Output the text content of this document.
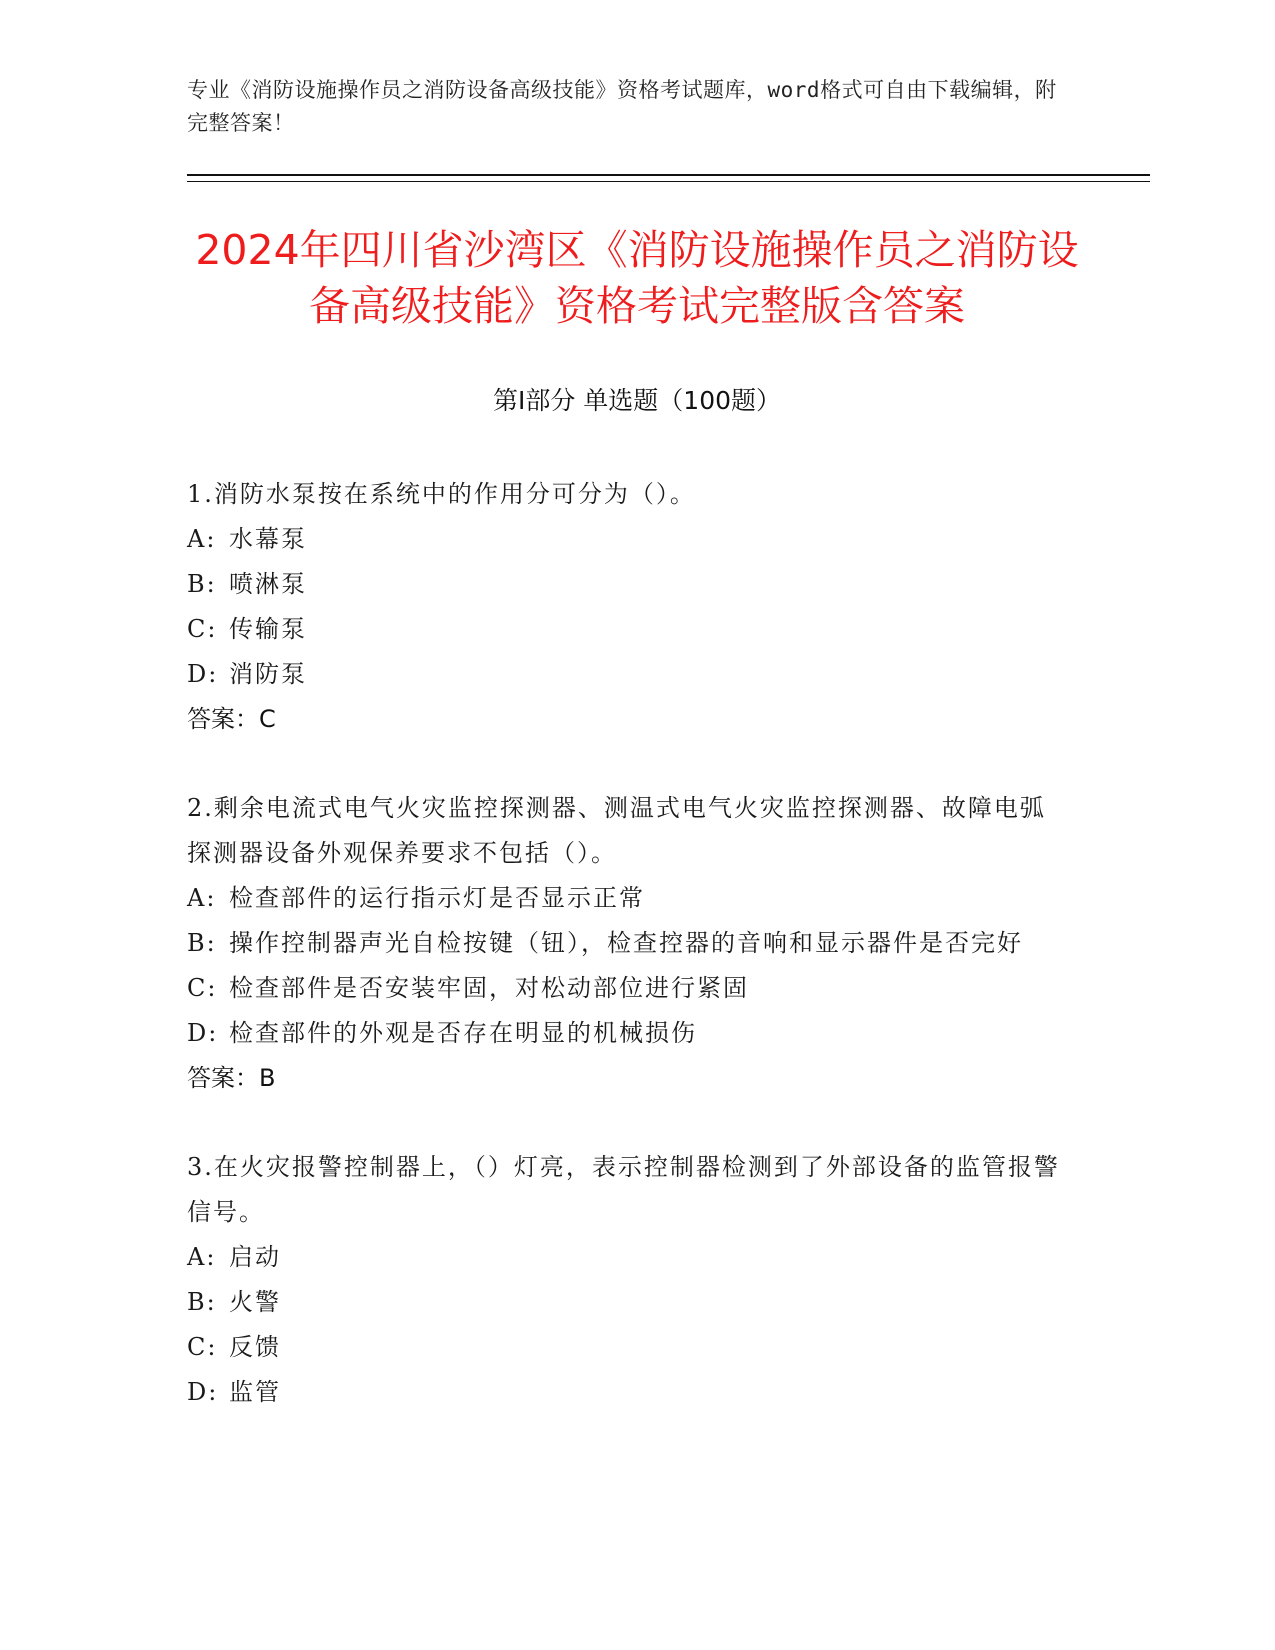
专业《消防设施操作员之消防设备高级技能》资格考试题库，word格式可自由下载编辑，附完整答案！
2024年四川省沙湾区《消防设施操作员之消防设备高级技能》资格考试完整版含答案
第I部分 单选题（100题）
1.消防水泵按在系统中的作用分可分为（）。
A: 水幕泵
B: 喷淋泵
C: 传输泵
D: 消防泵
答案：C
2.剩余电流式电气火灾监控探测器、测温式电气火灾监控探测器、故障电弧探测器设备外观保养要求不包括（）。
A: 检查部件的运行指示灯是否显示正常
B: 操作控制器声光自检按键（钮），检查控器的音响和显示器件是否完好
C: 检查部件是否安装牢固，对松动部位进行紧固
D: 检查部件的外观是否存在明显的机械损伤
答案：B
3.在火灾报警控制器上，（）灯亮，表示控制器检测到了外部设备的监管报警信号。
A: 启动
B: 火警
C: 反馈
D: 监管
